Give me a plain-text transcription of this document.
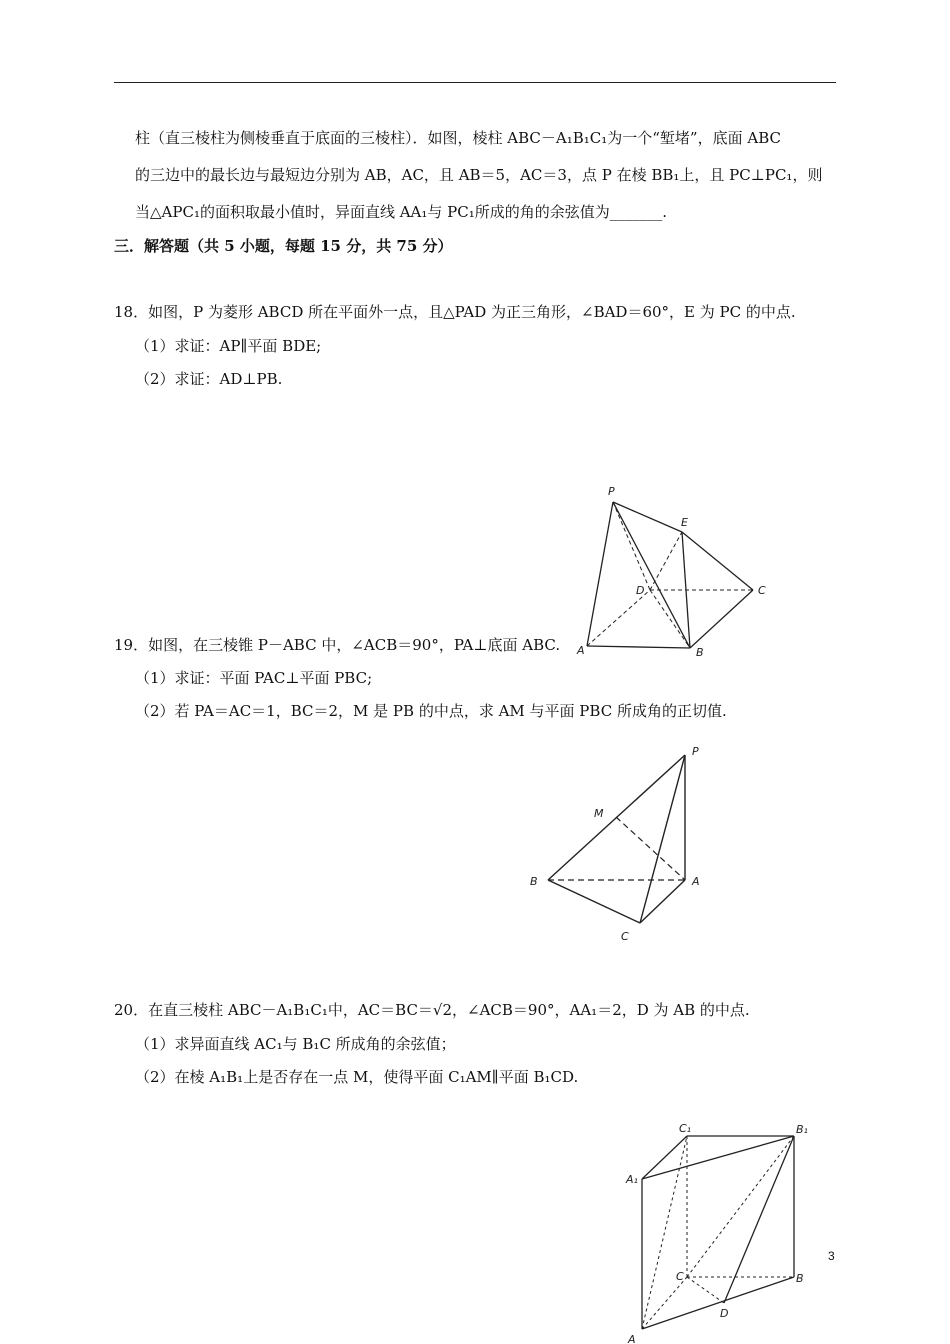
柱（直三棱柱为侧棱垂直于底面的三棱柱）．如图，棱柱 ABC－A₁B₁C₁为一个“堑堵”，底面 ABC
的三边中的最长边与最短边分别为 AB，AC，且 AB＝5，AC＝3，点 P 在棱 BB₁上，且 PC⊥PC₁，则
当△APC₁的面积取最小值时，异面直线 AA₁与 PC₁所成的角的余弦值为_______.
三．解答题（共 5 小题，每题 15 分，共 75 分）
18．如图，P 为菱形 ABCD 所在平面外一点，且△PAD 为正三角形，∠BAD＝60°，E 为 PC 的中点.
（1）求证：AP∥平面 BDE;
（2）求证：AD⊥PB.
P
E
D	C
A	B
19．如图，在三棱锥 P－ABC 中，∠ACB＝90°，PA⊥底面 ABC.
（1）求证：平面 PAC⊥平面 PBC;
（2）若 PA＝AC＝1，BC＝2，M 是 PB 的中点，求 AM 与平面 PBC 所成角的正切值.
P
M
B	A
C
20．在直三棱柱 ABC－A₁B₁C₁中，AC＝BC＝√2，∠ACB＝90°，AA₁＝2，D 为 AB 的中点.
（1）求异面直线 AC₁与 B₁C 所成角的余弦值；
（2）在棱 A₁B₁上是否存在一点 M，使得平面 C₁AM∥平面 B₁CD.
C₁	B₁
A₁
C	B
D
A
3
